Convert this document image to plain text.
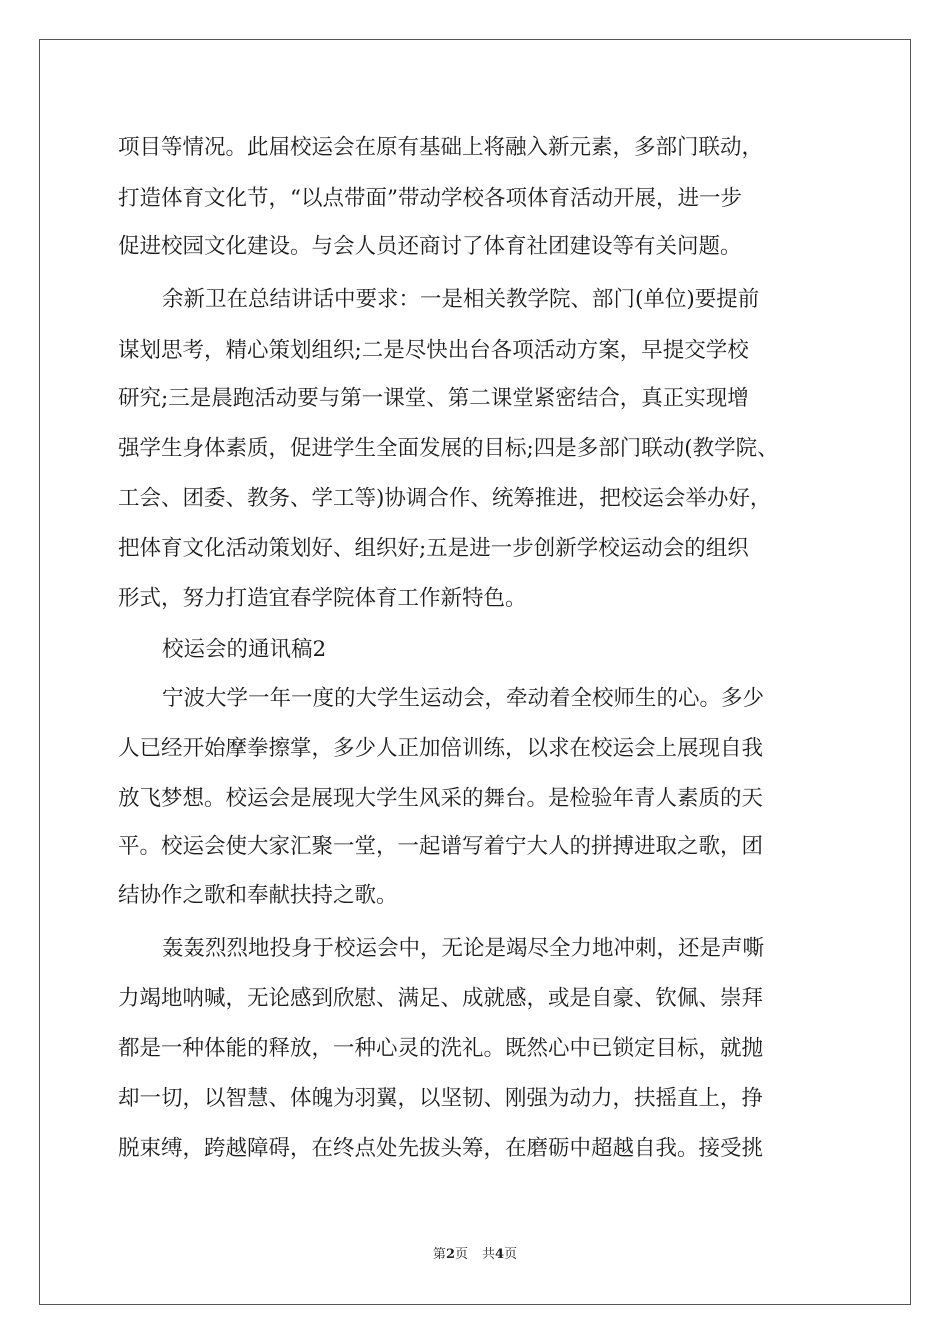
项目等情况。此届校运会在原有基础上将融入新元素，多部门联动，

打造体育文化节，“以点带面”带动学校各项体育活动开展，进一步

促进校园文化建设。与会人员还商讨了体育社团建设等有关问题。

余新卫在总结讲话中要求：一是相关教学院、部门(单位)要提前

谋划思考，精心策划组织;二是尽快出台各项活动方案，早提交学校

研究;三是晨跑活动要与第一课堂、第二课堂紧密结合，真正实现增

强学生身体素质，促进学生全面发展的目标;四是多部门联动(教学院、

工会、团委、教务、学工等)协调合作、统筹推进，把校运会举办好，

把体育文化活动策划好、组织好;五是进一步创新学校运动会的组织

形式，努力打造宜春学院体育工作新特色。

校运会的通讯稿2

宁波大学一年一度的大学生运动会，牵动着全校师生的心。多少

人已经开始摩拳擦掌，多少人正加倍训练，以求在校运会上展现自我

放飞梦想。校运会是展现大学生风采的舞台。是检验年青人素质的天

平。校运会使大家汇聚一堂，一起谱写着宁大人的拼搏进取之歌，团

结协作之歌和奉献扶持之歌。

轰轰烈烈地投身于校运会中，无论是竭尽全力地冲刺，还是声嘶

力竭地呐喊，无论感到欣慰、满足、成就感，或是自豪、钦佩、崇拜

都是一种体能的释放，一种心灵的洗礼。既然心中已锁定目标，就抛

却一切，以智慧、体魄为羽翼，以坚韧、刚强为动力，扶摇直上，挣

脱束缚，跨越障碍，在终点处先拔头筹，在磨砺中超越自我。接受挑

第2页 共4页
